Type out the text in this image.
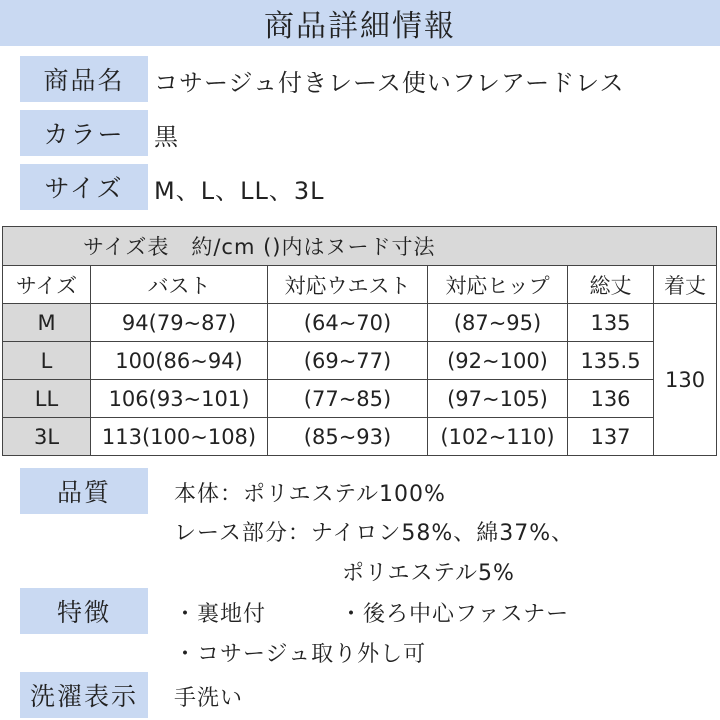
商品詳細情報
商品名	コサージュ付きレース使いフレアードレス
カラー	黒
サイズ	M、L、LL、3L
サイズ表　約/cm ()内はヌード寸法					
サイズ	バスト	対応ウエスト	対応ヒップ	総丈	着丈
M	94(79~87)	(64~70)	(87~95)	135	130
L	100(86~94)	(69~77)	(92~100)	135.5	
LL	106(93~101)	(77~85)	(97~105)	136	
3L	113(100~108)	(85~93)	(102~110)	137	
品質	本体：ポリエステル100%
レース部分：ナイロン58%、綿37%、
ポリエステル5%
特徴	・裏地付	・後ろ中心ファスナー
・コサージュ取り外し可
洗濯表示	手洗い
